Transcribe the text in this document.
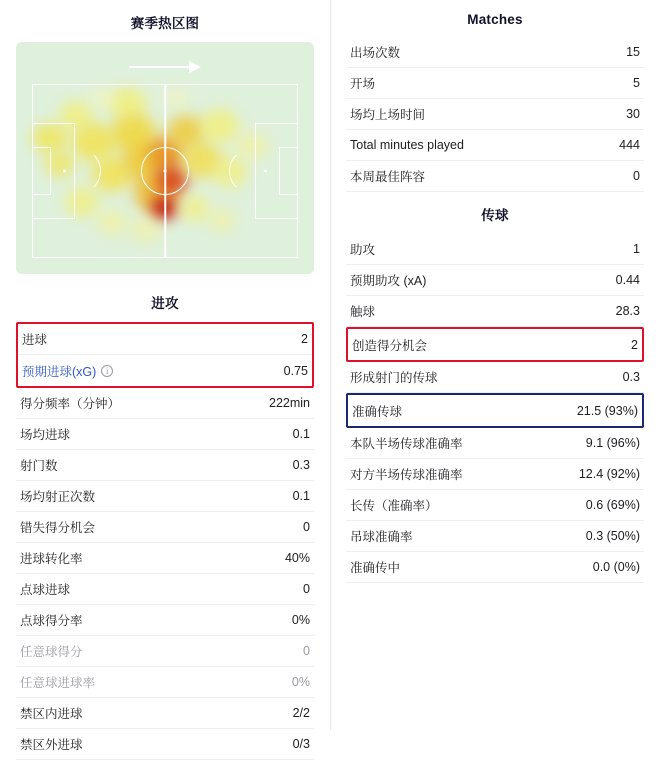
赛季热区图
进攻
进球	2
预期进球(xG)	i	0.75
得分频率（分钟）	222min
场均进球	0.1
射门数	0.3
场均射正次数	0.1
错失得分机会	0
进球转化率	40%
点球进球	0
点球得分率	0%
任意球得分	0
任意球进球率	0%
禁区内进球	2/2
禁区外进球	0/3
Matches
出场次数	15
开场	5
场均上场时间	30
Total minutes played	444
本周最佳阵容	0
传球
助攻	1
预期助攻 (xA)	0.44
触球	28.3
创造得分机会	2
形成射门的传球	0.3
准确传球	21.5 (93%)
本队半场传球准确率	9.1 (96%)
对方半场传球准确率	12.4 (92%)
长传（准确率）	0.6 (69%)
吊球准确率	0.3 (50%)
准确传中	0.0 (0%)
